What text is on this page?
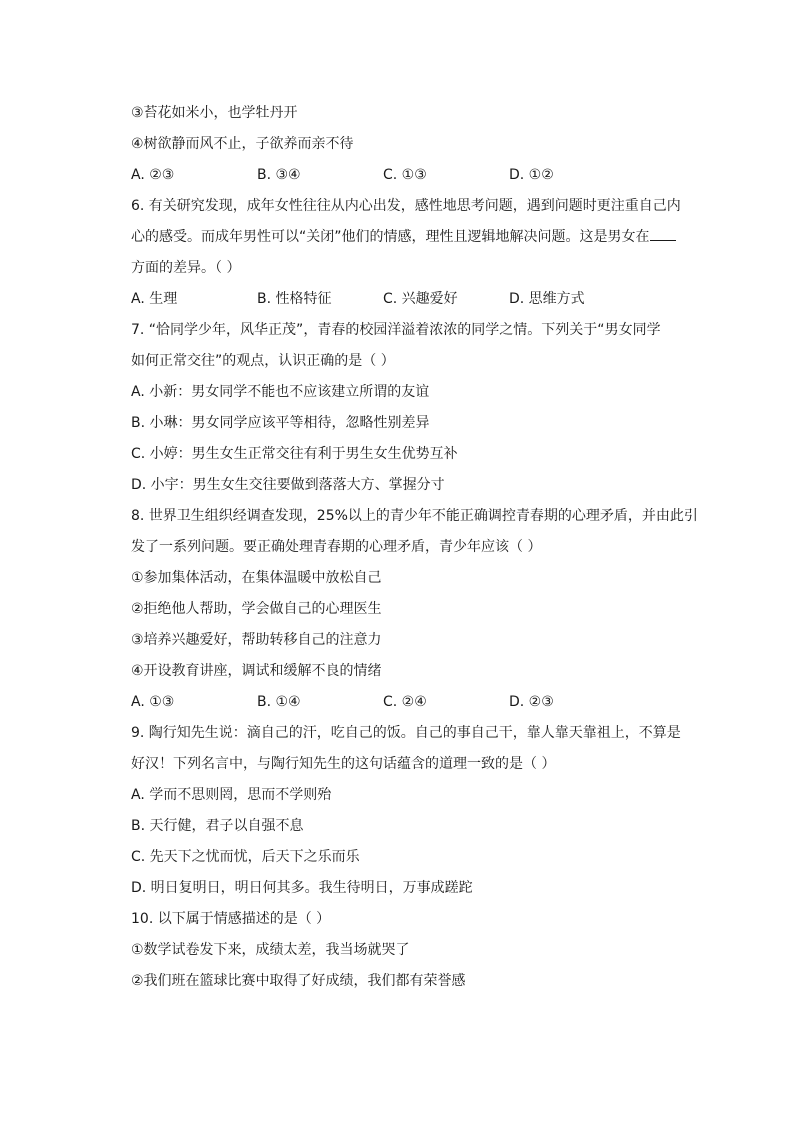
③苔花如米小，也学牡丹开
④树欲静而风不止，子欲养而亲不待
A. ②③	B. ③④	C. ①③	D. ①②
6. 有关研究发现，成年女性往往从内心出发，感性地思考问题，遇到问题时更注重自己内
心的感受。而成年男性可以“关闭”他们的情感，理性且逻辑地解决问题。这是男女在
方面的差异。（ ）
A. 生理	B. 性格特征	C. 兴趣爱好	D. 思维方式
7. “恰同学少年，风华正茂”，青春的校园洋溢着浓浓的同学之情。下列关于“男女同学
如何正常交往”的观点，认识正确的是（ ）
A. 小新：男女同学不能也不应该建立所谓的友谊
B. 小琳：男女同学应该平等相待，忽略性别差异
C. 小婷：男生女生正常交往有利于男生女生优势互补
D. 小宇：男生女生交往要做到落落大方、掌握分寸
8. 世界卫生组织经调查发现，25%以上的青少年不能正确调控青春期的心理矛盾，并由此引
发了一系列问题。要正确处理青春期的心理矛盾，青少年应该（ ）
①参加集体活动，在集体温暖中放松自己
②拒绝他人帮助，学会做自己的心理医生
③培养兴趣爱好，帮助转移自己的注意力
④开设教育讲座，调试和缓解不良的情绪
A. ①③	B. ①④	C. ②④	D. ②③
9. 陶行知先生说：滴自己的汗，吃自己的饭。自己的事自己干，靠人靠天靠祖上，不算是
好汉！下列名言中，与陶行知先生的这句话蕴含的道理一致的是（ ）
A. 学而不思则罔，思而不学则殆
B. 天行健，君子以自强不息
C. 先天下之忧而忧，后天下之乐而乐
D. 明日复明日，明日何其多。我生待明日，万事成蹉跎
10. 以下属于情感描述的是（ ）
①数学试卷发下来，成绩太差，我当场就哭了
②我们班在篮球比赛中取得了好成绩，我们都有荣誉感
